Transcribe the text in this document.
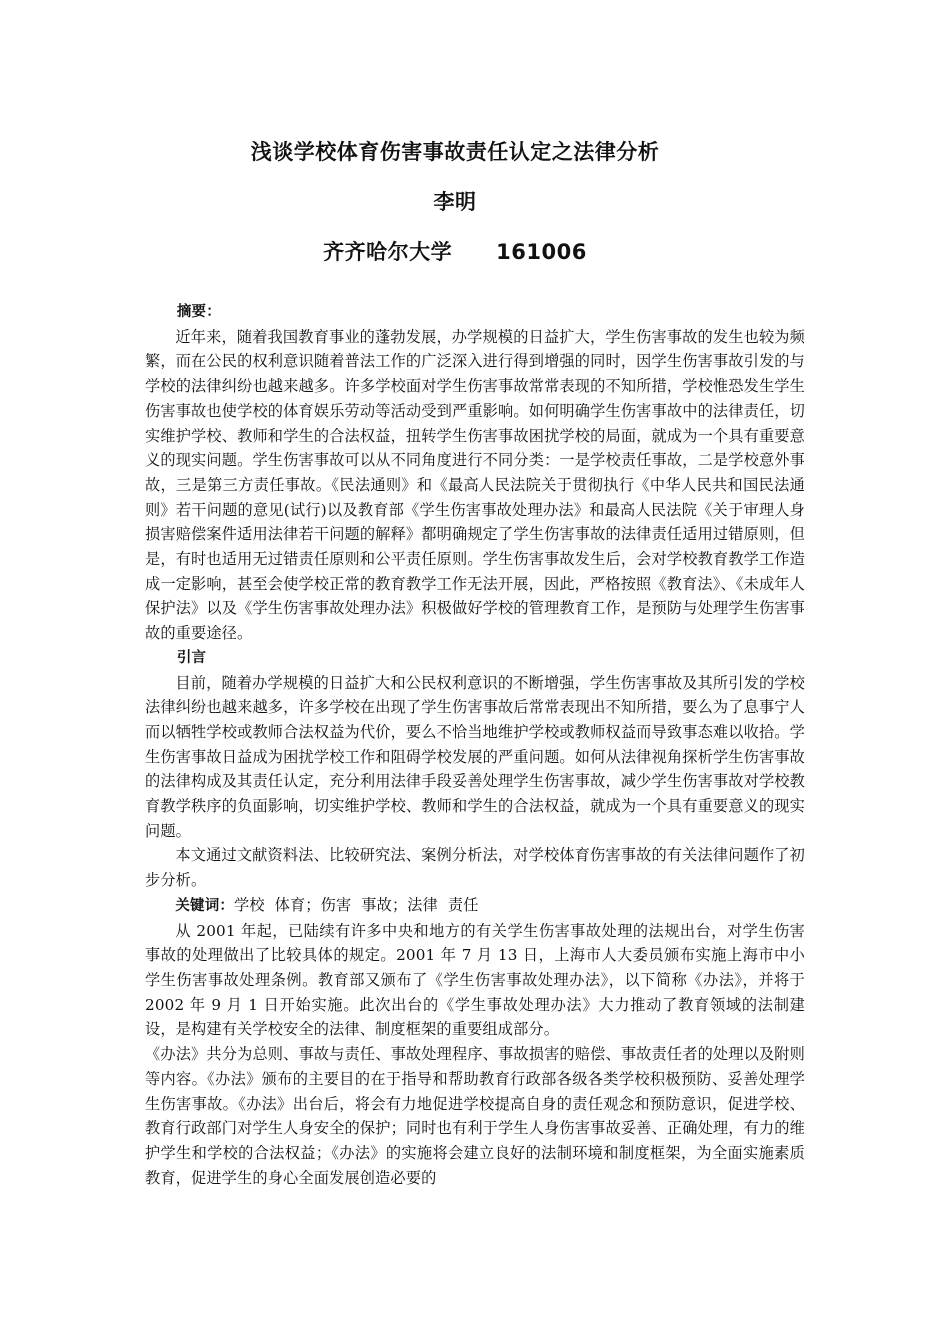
浅谈学校体育伤害事故责任认定之法律分析
李明
齐齐哈尔大学 161006
摘要：

近年来，随着我国教育事业的蓬勃发展，办学规模的日益扩大，学生伤害事故的发生也较为频繁，而在公民的权利意识随着普法工作的广泛深入进行得到增强的同时，因学生伤害事故引发的与学校的法律纠纷也越来越多。许多学校面对学生伤害事故常常表现的不知所措，学校惟恐发生学生伤害事故也使学校的体育娱乐劳动等活动受到严重影响。如何明确学生伤害事故中的法律责任，切实维护学校、教师和学生的合法权益，扭转学生伤害事故困扰学校的局面，就成为一个具有重要意义的现实问题。学生伤害事故可以从不同角度进行不同分类：一是学校责任事故，二是学校意外事故，三是第三方责任事故。《民法通则》和《最高人民法院关于贯彻执行《中华人民共和国民法通则》若干问题的意见(试行)以及教育部《学生伤害事故处理办法》和最高人民法院《关于审理人身损害赔偿案件适用法律若干问题的解释》都明确规定了学生伤害事故的法律责任适用过错原则，但是，有时也适用无过错责任原则和公平责任原则。学生伤害事故发生后，会对学校教育教学工作造成一定影响，甚至会使学校正常的教育教学工作无法开展，因此，严格按照《教育法》、《未成年人保护法》以及《学生伤害事故处理办法》积极做好学校的管理教育工作，是预防与处理学生伤害事故的重要途径。

引言

目前，随着办学规模的日益扩大和公民权利意识的不断增强，学生伤害事故及其所引发的学校法律纠纷也越来越多，许多学校在出现了学生伤害事故后常常表现出不知所措，要么为了息事宁人而以牺牲学校或教师合法权益为代价，要么不恰当地维护学校或教师权益而导致事态难以收拾。学生伤害事故日益成为困扰学校工作和阻碍学校发展的严重问题。如何从法律视角探析学生伤害事故的法律构成及其责任认定，充分利用法律手段妥善处理学生伤害事故，减少学生伤害事故对学校教育教学秩序的负面影响，切实维护学校、教师和学生的合法权益，就成为一个具有重要意义的现实问题。

本文通过文献资料法、比较研究法、案例分析法，对学校体育伤害事故的有关法律问题作了初步分析。

关键词：学校  体育；伤害  事故；法律  责任

从 2001 年起，已陆续有许多中央和地方的有关学生伤害事故处理的法规出台，对学生伤害事故的处理做出了比较具体的规定。2001 年 7 月 13 日，上海市人大委员颁布实施上海市中小学生伤害事故处理条例。教育部又颁布了《学生伤害事故处理办法》，以下简称《办法》，并将于 2002 年 9 月 1 日开始实施。此次出台的《学生事故处理办法》大力推动了教育领域的法制建设，是构建有关学校安全的法律、制度框架的重要组成部分。

《办法》共分为总则、事故与责任、事故处理程序、事故损害的赔偿、事故责任者的处理以及附则等内容。《办法》颁布的主要目的在于指导和帮助教育行政部各级各类学校积极预防、妥善处理学生伤害事故。《办法》出台后，将会有力地促进学校提高自身的责任观念和预防意识，促进学校、教育行政部门对学生人身安全的保护；同时也有利于学生人身伤害事故妥善、正确处理，有力的维护学生和学校的合法权益；《办法》的实施将会建立良好的法制环境和制度框架，为全面实施素质教育，促进学生的身心全面发展创造必要的
